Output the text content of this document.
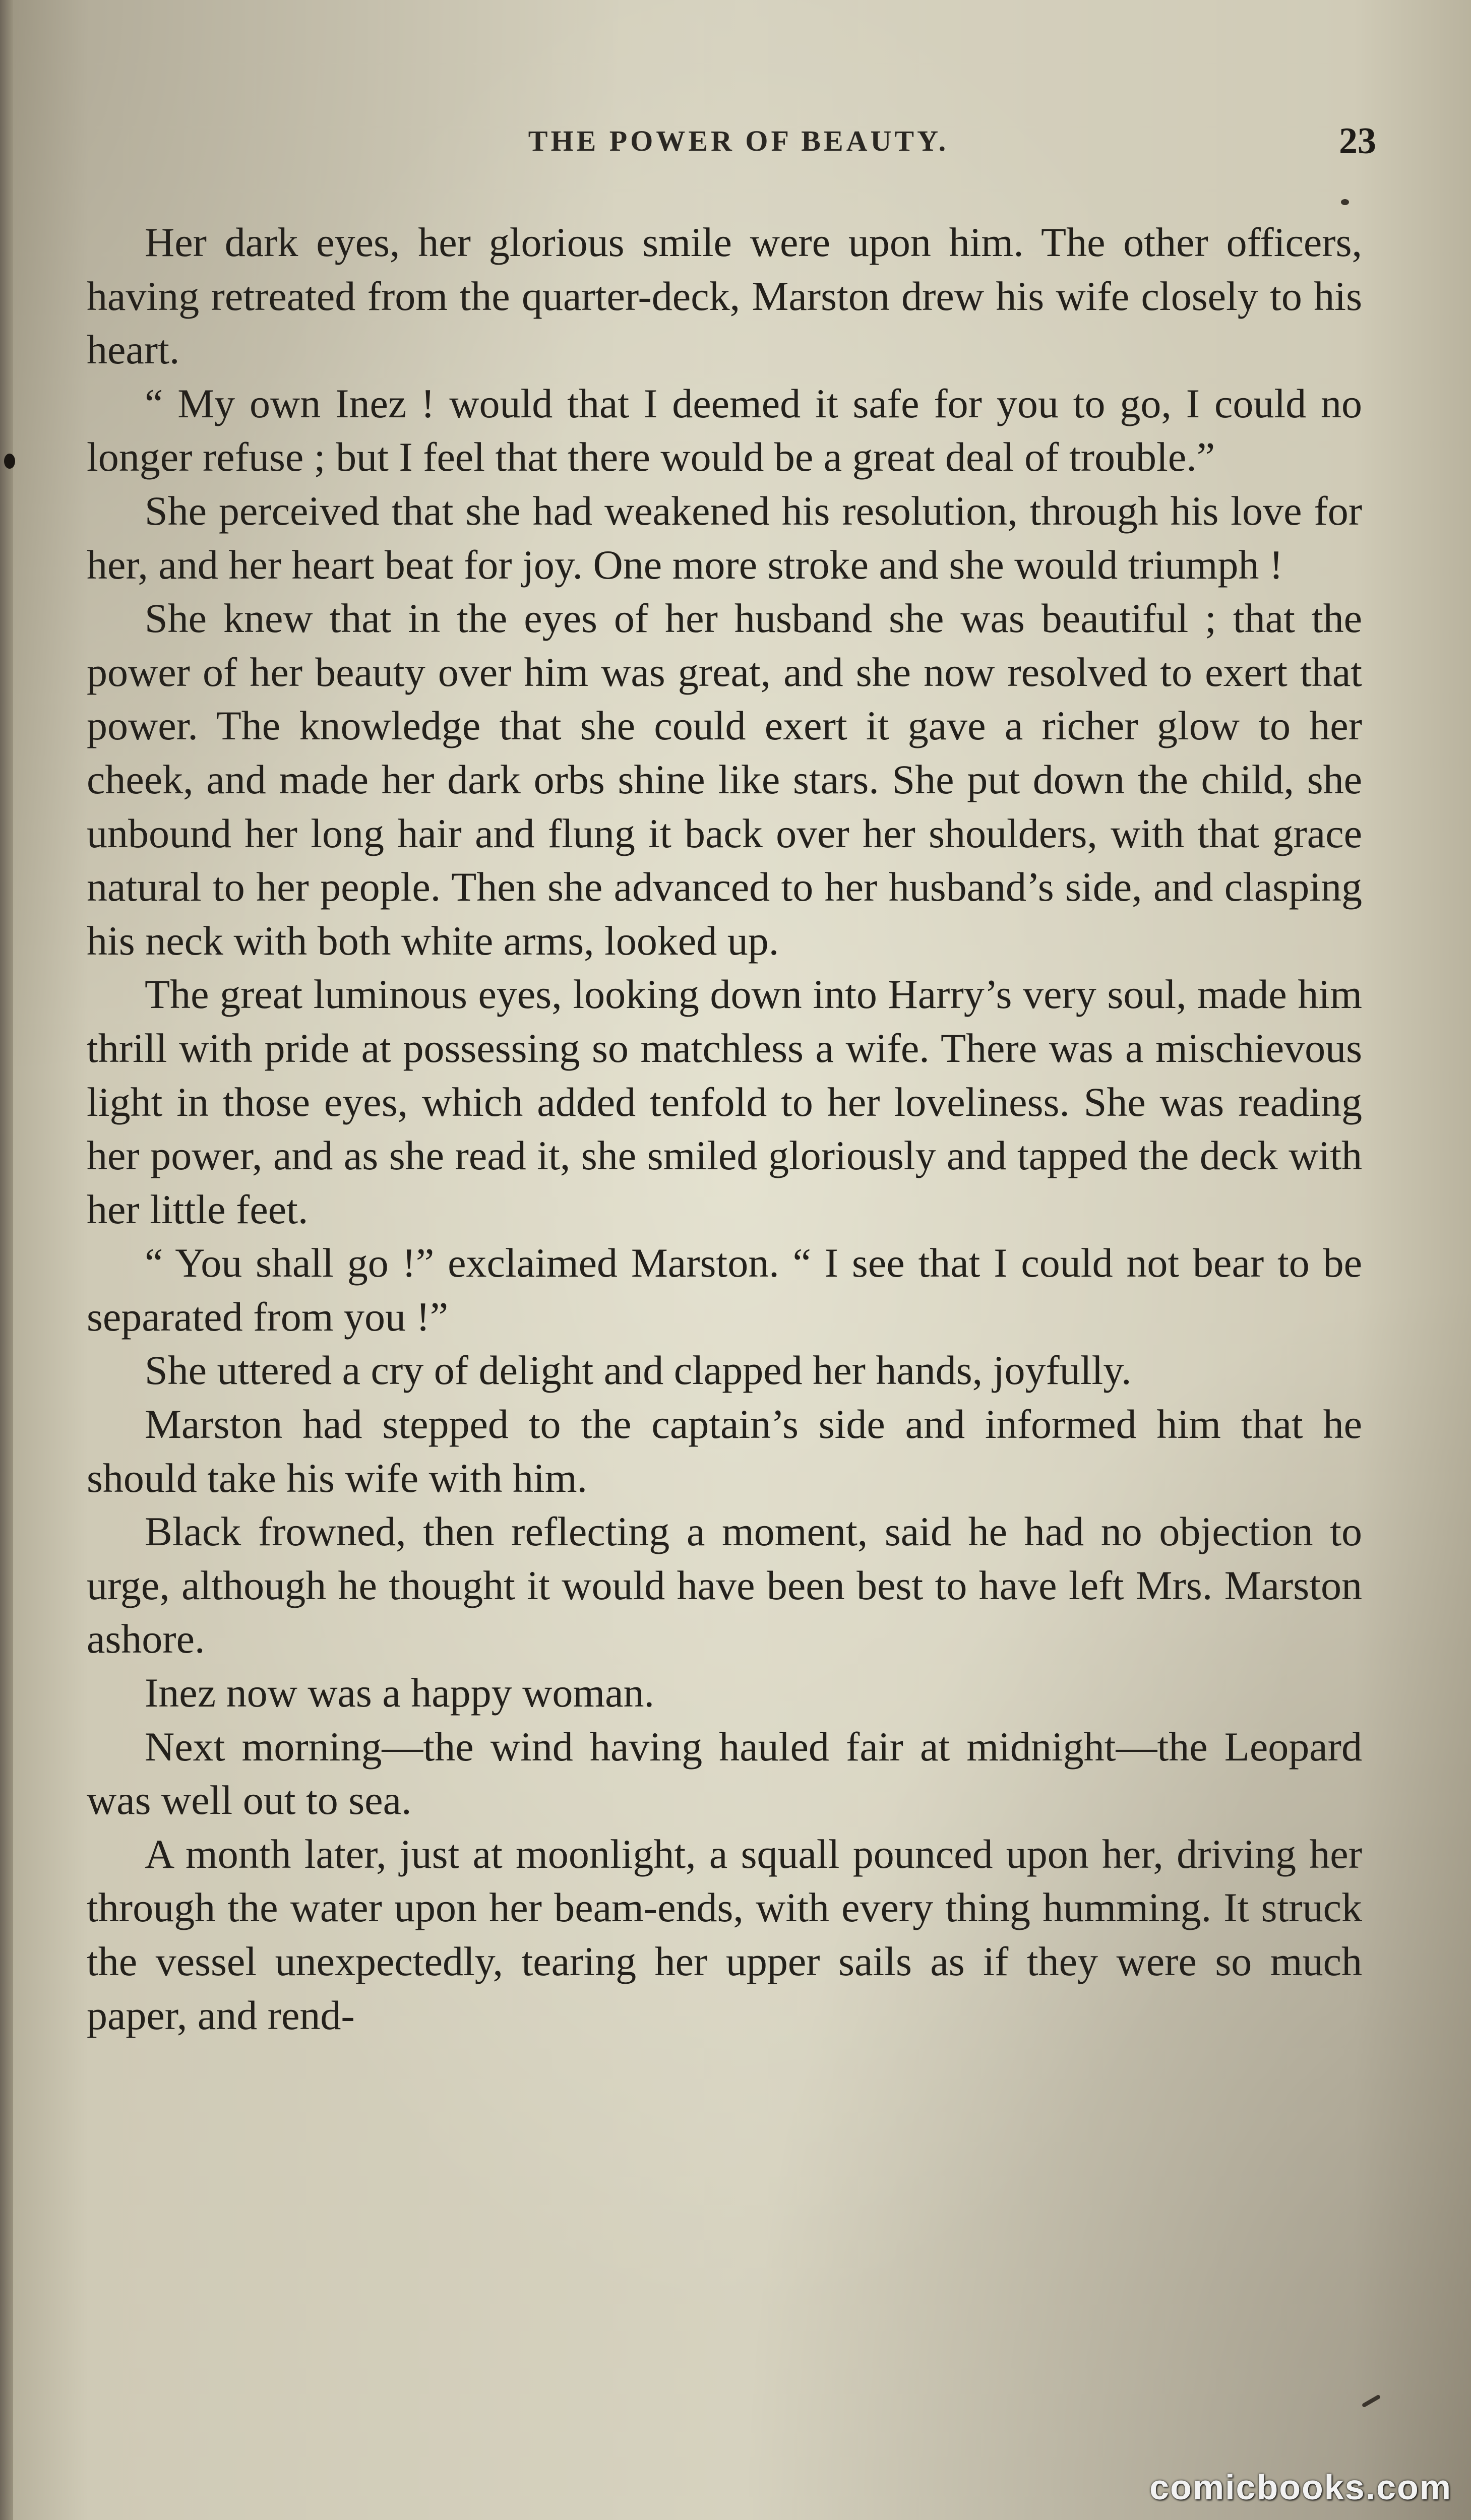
THE POWER OF BEAUTY.	23

Her dark eyes, her glorious smile were upon him. The other officers, having retreated from the quarter-deck, Marston drew his wife closely to his heart.

“ My own Inez ! would that I deemed it safe for you to go, I could no longer refuse ; but I feel that there would be a great deal of trouble.”

She perceived that she had weakened his resolution, through his love for her, and her heart beat for joy. One more stroke and she would triumph !

She knew that in the eyes of her husband she was beautiful ; that the power of her beauty over him was great, and she now resolved to exert that power. The knowledge that she could exert it gave a richer glow to her cheek, and made her dark orbs shine like stars. She put down the child, she unbound her long hair and flung it back over her shoulders, with that grace natural to her people. Then she advanced to her husband’s side, and clasping his neck with both white arms, looked up.

The great luminous eyes, looking down into Harry’s very soul, made him thrill with pride at possessing so matchless a wife. There was a mischievous light in those eyes, which added tenfold to her loveliness. She was reading her power, and as she read it, she smiled gloriously and tapped the deck with her little feet.

“ You shall go !” exclaimed Marston. “ I see that I could not bear to be separated from you !”

She uttered a cry of delight and clapped her hands, joyfully.

Marston had stepped to the captain’s side and informed him that he should take his wife with him.

Black frowned, then reflecting a moment, said he had no objection to urge, although he thought it would have been best to have left Mrs. Marston ashore.

Inez now was a happy woman.

Next morning—the wind having hauled fair at midnight—the Leopard was well out to sea.

A month later, just at moonlight, a squall pounced upon her, driving her through the water upon her beam-ends, with every thing humming. It struck the vessel unexpectedly, tearing her upper sails as if they were so much paper, and rend-

comicbooks.com
